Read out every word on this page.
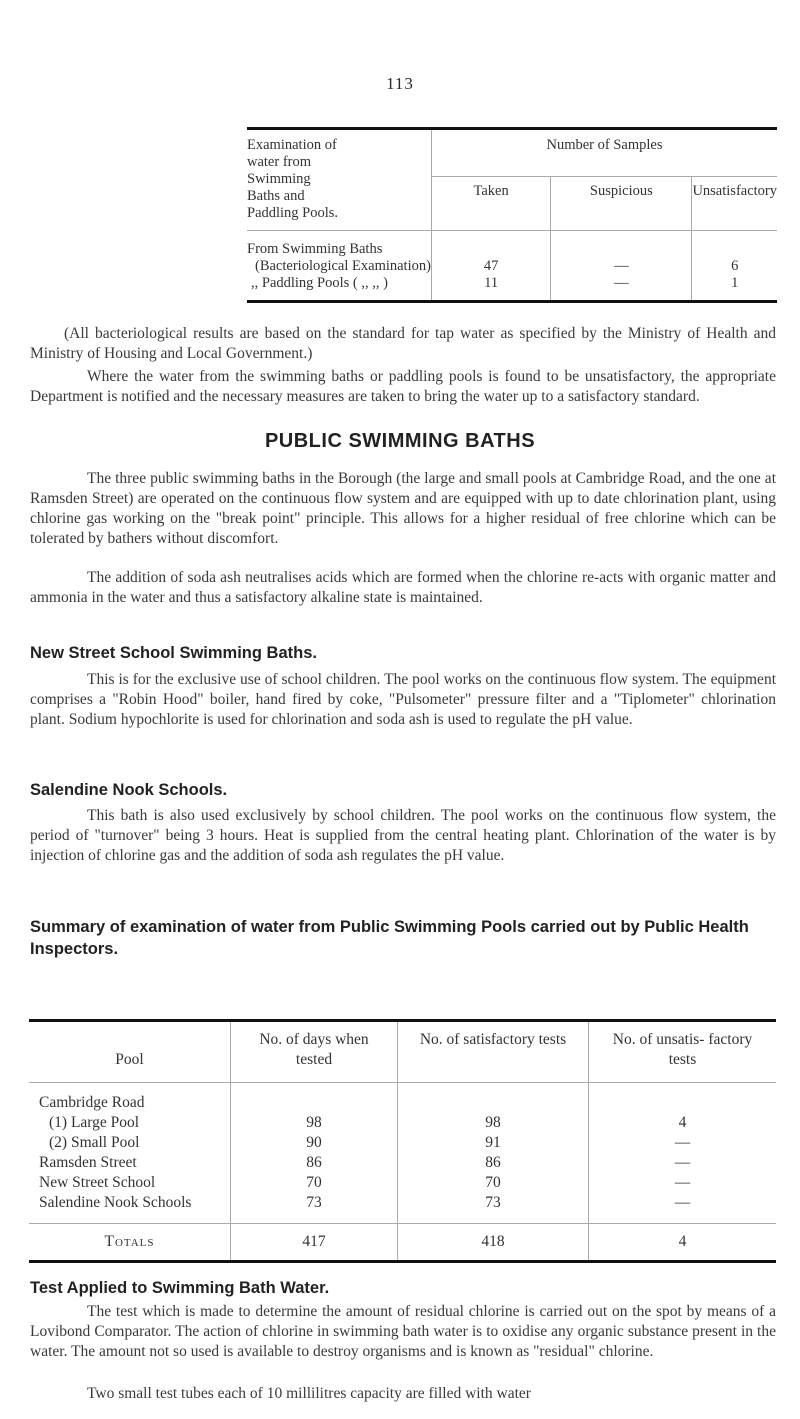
113
Examination of water from Swimming Baths and Paddling Pools.	Number of Samples		
	Taken	Suspicious	Unsatisfactory
From Swimming Baths			
(Bacteriological Examination)	47	—	6
,, Paddling Pools ( ,, ,, )	11	—	1

(All bacteriological results are based on the standard for tap water as specified by the Ministry of Health and Ministry of Housing and Local Government.)

Where the water from the swimming baths or paddling pools is found to be unsatisfactory, the appropriate Department is notified and the necessary measures are taken to bring the water up to a satisfactory standard.

PUBLIC SWIMMING BATHS

The three public swimming baths in the Borough (the large and small pools at Cambridge Road, and the one at Ramsden Street) are operated on the continuous flow system and are equipped with up to date chlorination plant, using chlorine gas working on the "break point" principle. This allows for a higher residual of free chlorine which can be tolerated by bathers without discomfort.

The addition of soda ash neutralises acids which are formed when the chlorine re-acts with organic matter and ammonia in the water and thus a satisfactory alkaline state is maintained.

New Street School Swimming Baths.

This is for the exclusive use of school children. The pool works on the continuous flow system. The equipment comprises a "Robin Hood" boiler, hand fired by coke, "Pulsometer" pressure filter and a "Tiplometer" chlorination plant. Sodium hypochlorite is used for chlorination and soda ash is used to regulate the pH value.

Salendine Nook Schools.

This bath is also used exclusively by school children. The pool works on the continuous flow system, the period of "turnover" being 3 hours. Heat is supplied from the central heating plant. Chlorination of the water is by injection of chlorine gas and the addition of soda ash regulates the pH value.

Summary of examination of water from Public Swimming Pools carried out by Public Health Inspectors.
Pool	No. of days when tested	No. of satisfactory tests	No. of unsatis- factory tests

Cambridge Road			
(1) Large Pool	98	98	4
(2) Small Pool	90	91	—
Ramsden Street	86	86	—
New Street School	70	70	—
Salendine Nook Schools	73	73	—
Totals	417	418	4
Test Applied to Swimming Bath Water.

The test which is made to determine the amount of residual chlorine is carried out on the spot by means of a Lovibond Comparator. The action of chlorine in swimming bath water is to oxidise any organic substance present in the water. The amount not so used is available to destroy organisms and is known as "residual" chlorine.

Two small test tubes each of 10 millilitres capacity are filled with water
